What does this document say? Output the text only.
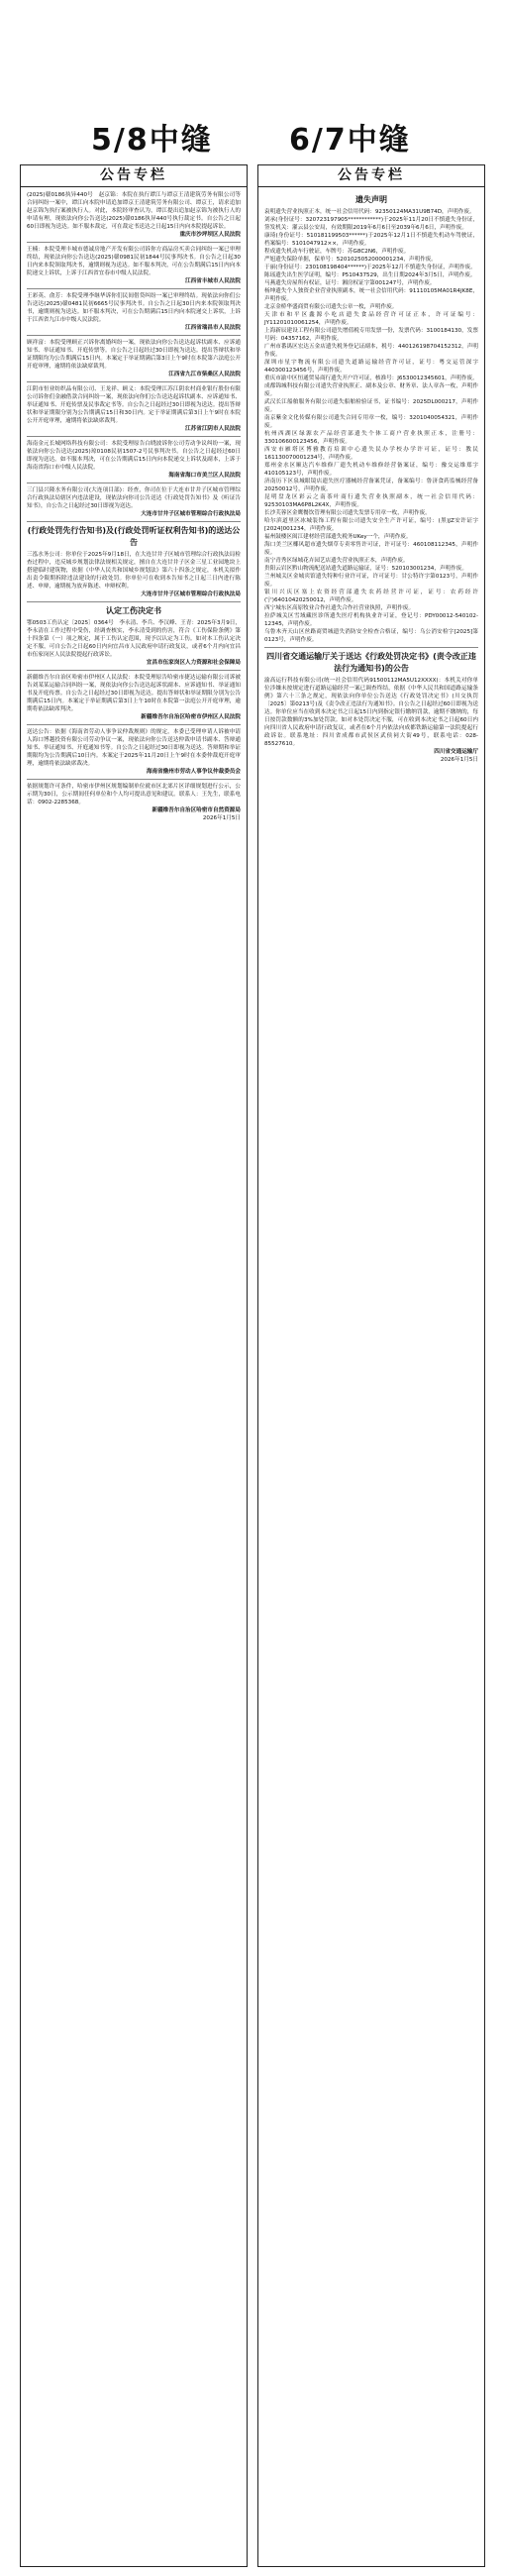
5/8中缝	6/7中缝
公告专栏

(2025)赣0186执异440号　赵京锦：本院在执行谭江与谭京王清建筑劳务有限公司等合同纠纷一案中，谭江向本院申请追加谭京王清建筑劳务有限公司、谭京王，请求追加赵京锦为执行案被执行人。对此，本院经审查认为，谭江提出追加赵京锦为被执行人的申请有理，现依法向你公告送达(2025)赣0186执异440号执行裁定书。自公告之日起60日即视为送达。如不服本裁定，可在裁定书送达之日起15日内向本院提起诉讼。

重庆市沙坪坝区人民法院

王楠：本院受理丰城市德诚房地产开发有限公司诉你方商品房买卖合同纠纷一案已审理终结，现依法向你公告送达(2025)赣0981民初1844号民事判决书。自公告之日起30日内来本院领取判决书，逾期则视为送达。如不服本判决，可在公告期满后15日内向本院递交上诉状，上诉于江西省宜春市中级人民法院。

江西省丰城市人民法院

王彩英、俞芳：本院受理李继华诉你们民间借贷纠纷一案已审理终结。现依法向你们公告送达(2025)赣0481民初6665号民事判决书。自公告之日起30日内来本院领取判决书，逾期则视为送达。如不服本判决，可在公告期满后15日内向本院递交上诉状，上诉于江西省九江市中级人民法院。

江西省瑞昌市人民法院

顾祥富：本院受理顾正兴诉你离婚纠纷一案，现依法向你公告送达起诉状副本、应诉通知书、举证通知书、开庭传票等。自公告之日起经过30日即视为送达。提出答辩状和举证期限均为公告期满后15日内。本案定于举证期满后第3日上午9时在本院第六法庭公开开庭审理，逾期将依法缺席裁判。

江西省九江市柴桑区人民法院

江阴市恒业纺织品有限公司、王龙祥、顾义：本院受理江苏江阴农村商业银行股份有限公司诉你们金融借款合同纠纷一案，现依法向你们公告送达起诉状副本、应诉通知书、举证通知书、开庭传票及民事裁定书等。自公告之日起经过30日即视为送达。提出答辩状和举证期限分别为公告期满后15日和30日内。定于举证期满后第3日上午9时在本院公开开庭审理，逾期将依法缺席裁判。

江苏省江阴市人民法院

海南金元长城网络科技有限公司：本院受理原告白晓波诉你公司劳动争议纠纷一案，现依法向你公告送达(2025)琼0108民初1507-2号民事判决书。自公告之日起经过60日即视为送达。如不服本判决，可在公告期满后15日内向本院递交上诉状及副本，上诉于海南省海口市中级人民法院。

海南省海口市美兰区人民法院

三门县兴隆水务有限公司(大连项目部)：经查，你司在位于大连市甘井子区城市管理综合行政执法局辖区内违法建设，现依法向你司公告送达《行政处罚告知书》及《听证告知书》，自公告之日起经过30日即视为送达。

大连市甘井子区城市管理综合行政执法局

(行政处罚先行告知书)及(行政处罚听证权利告知书)的送达公告

三泓水务公司：你单位于2025年9月18日，在大连甘井子区城市管理综合行政执法局检查过程中，违反城乡规划法律法规相关规定，擅自在大连甘井子区金三星工业园地块上搭建临时建筑物，依据《中华人民共和国城乡规划法》第六十四条之规定，本机关拟作出责令限期拆除违法建设的行政处罚。你单位可在收到本告知书之日起三日内进行陈述、申辩，逾期视为放弃陈述、申辩权利。

大连市甘井子区城市管理综合行政执法局

认定工伤决定书

鄂0503工伤认定〔2025〕0364号　李永清、李兵、李汉峰、王青：2025年3月9日，李永清在工作过程中受伤，经调查核实，李永清受到的伤害，符合《工伤保险条例》第十四条第（一）项之规定，属于工伤认定范围，现予以认定为工伤。如对本工伤认定决定不服，可自公告之日起60日内向宜昌市人民政府申请行政复议，或者6个月内向宜昌市伍家岗区人民法院提起行政诉讼。

宜昌市伍家岗区人力资源和社会保障局

新疆维吾尔自治区哈密市伊州区人民法院：本院受理原告哈密市捷达运输有限公司诉被告刘某某运输合同纠纷一案，现依法向你公告送达起诉状副本、应诉通知书、举证通知书及开庭传票。自公告之日起经过30日即视为送达。提出答辩状和举证期限分别为公告期满后15日内。本案定于举证期满后第3日上午10时在本院第一法庭公开开庭审理，逾期将依法缺席判决。

新疆维吾尔自治区哈密市伊州区人民法院

送达公告：依据《海南省劳动人事争议仲裁规则》的规定，本委已受理申请人诉被申请人海口博越投资有限公司劳动争议一案，现依法向你公告送达仲裁申请书副本、答辩通知书、举证通知书、开庭通知书等。自公告之日起经过30日即视为送达。答辩期和举证期限均为公告期满后10日内。本案定于2025年11月20日上午9时在本委仲裁庭开庭审理，逾期将依法缺席裁决。

海南省儋州市劳动人事争议仲裁委员会

依据规划许可条件，哈密市伊州区规划编制单位就市区北郊片区详细规划进行公示，公示期为30日，公示期间任何单位和个人均可提出意见和建议。联系人：王先生，联系电话：0902-2285368。

新疆维吾尔自治区哈密市自然资源局

2026年1月5日

公告专栏
遗失声明

袁明遗失营业执照正本，统一社会信用代码：92350124MA31U9B74D，声明作废。

刘承(身份证号：320723197905************)于2025年11月20日不慎遗失身份证，签发机关：灌云县公安局，有效期限2019年6月6日至2039年6月6日，声明作废。

康琦(身份证号：510181199503******)于2025年12月1日不慎遗失机动车驾驶证，档案编号：5101047912××，声明作废。

程成遗失机动车行驶证，车牌号：苏G8C2N6，声明作废。

严旭遗失保险单据，保单号：5201025052000001234，声明作废。

于丽(身份证号：230108198404******)于2025年12月不慎遗失身份证，声明作废。

陈瑶遗失出生医学证明，编号：P510437529，出生日期2024年3月5日，声明作废。

马燕遗失房屋所有权证，证号：湘房权证字第001247号，声明作废。

杨坤遗失个人独资企业营业执照副本，统一社会信用代码：91110105MA01R4JK8E，声明作废。

北京金桥华盛商贸有限公司遗失公章一枚，声明作废。

天津市和平区鑫源小吃店遗失食品经营许可证正本，许可证编号：JY11201010061254，声明作废。

上海新辰建设工程有限公司遗失增值税专用发票一份，发票代码：3100184130，发票号码：04357162，声明作废。

广州市番禺区宏达五金店遗失税务登记证副本，税号：440126198704152312，声明作废。

深圳市星宇物流有限公司遗失道路运输经营许可证，证号：粤交运管深字440300123456号，声明作废。

重庆市渝中区恒通贸易商行遗失开户许可证，核准号：J6530012345601，声明作废。

成都锦城科技有限公司遗失营业执照正、副本及公章、财务章、法人章各一枚，声明作废。

武汉长江船舶服务有限公司遗失船舶检验证书，证书编号：2025DL000217，声明作废。

南京紫金文化传媒有限公司遗失合同专用章一枚，编号：3201040054321，声明作废。

杭州西湖区绿源农产品经营部遗失个体工商户营业执照正本，注册号：330106600123456，声明作废。

西安市雁塔区博雅教育培训中心遗失民办学校办学许可证，证号：教民161130070001234号，声明作废。

郑州金水区顺达汽车维修厂遗失机动车维修经营备案证，编号：豫交运维郑字410105123号，声明作废。

济南历下区泉城眼镜店遗失医疗器械经营备案凭证，备案编号：鲁济食药监械经营备20250012号，声明作废。

昆明盘龙区彩云之南茶叶商行遗失营业执照副本，统一社会信用代码：92530103MA6P8L2K4X，声明作废。

长沙芙蓉区金鹰餐饮管理有限公司遗失发票专用章一枚，声明作废。

哈尔滨道里区冰城装饰工程有限公司遗失安全生产许可证，编号：(黑)JZ安许证字[2024]001234，声明作废。

福州鼓楼区闽江建材经营部遗失税务UKey一个，声明作废。

海口美兰区椰风超市遗失烟草专卖零售许可证，许可证号：460108112345，声明作废。

南宁青秀区绿城花卉园艺店遗失营业执照正本，声明作废。

贵阳云岩区黔山物流配送站遗失道路运输证，证号：520103001234，声明作废。

兰州城关区金城宾馆遗失特种行业许可证，许可证号：甘公特许字第0123号，声明作废。

银川兴庆区塞上农资经营部遗失农药经营许可证，证号：农药经许(宁)64010420250012，声明作废。

西宁城东区高原牧业合作社遗失合作社营业执照，声明作废。

拉萨城关区雪域藏医诊所遗失医疗机构执业许可证，登记号：PDY00012-540102-12345，声明作废。

乌鲁木齐天山区丝路商贸城遗失消防安全检查合格证，编号：乌公消安检字[2025]第0123号，声明作废。

四川省交通运输厅关于送达《行政处罚决定书》(责令改正违法行为通知书)的公告

渝高运行科技有限公司(统一社会信用代码91500112MA5U12XXXX)：本机关对你单位涉嫌未按规定进行道路运输经营一案已调查终结，依据《中华人民共和国道路运输条例》第六十三条之规定，现依法向你单位公告送达《行政处罚决定书》(川交执罚〔2025〕第0213号)及《责令改正违法行为通知书》。自公告之日起经过60日即视为送达。你单位应当在收到本决定书之日起15日内到指定银行缴纳罚款，逾期不缴纳的，每日按罚款数额的3%加处罚款。如对本处罚决定不服，可在收到本决定书之日起60日内向四川省人民政府申请行政复议，或者在6个月内依法向成都铁路运输第一法院提起行政诉讼。联系地址：四川省成都市武侯区武侯祠大街49号，联系电话：028-85527610。

四川省交通运输厅

2026年1月5日
